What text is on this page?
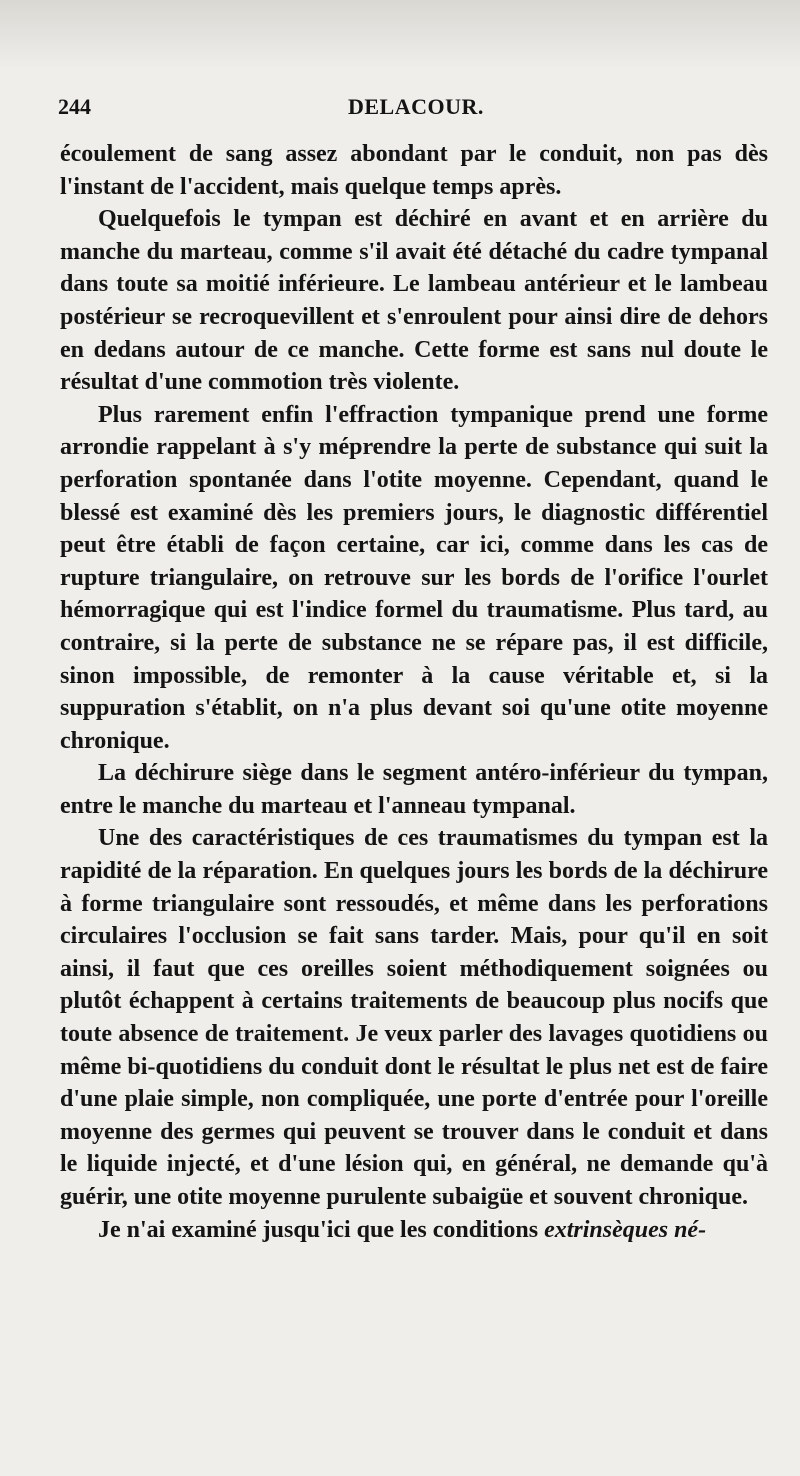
244	DELACOUR.

écoulement de sang assez abondant par le conduit, non pas dès l'instant de l'accident, mais quelque temps après.

Quelquefois le tympan est déchiré en avant et en arrière du manche du marteau, comme s'il avait été détaché du cadre tympanal dans toute sa moitié inférieure. Le lambeau antérieur et le lambeau postérieur se recroquevillent et s'enroulent pour ainsi dire de dehors en dedans autour de ce manche. Cette forme est sans nul doute le résultat d'une commotion très violente.

Plus rarement enfin l'effraction tympanique prend une forme arrondie rappelant à s'y méprendre la perte de substance qui suit la perforation spontanée dans l'otite moyenne. Cependant, quand le blessé est examiné dès les premiers jours, le diagnostic différentiel peut être établi de façon certaine, car ici, comme dans les cas de rupture triangulaire, on retrouve sur les bords de l'orifice l'ourlet hémorragique qui est l'indice formel du traumatisme. Plus tard, au contraire, si la perte de substance ne se répare pas, il est difficile, sinon impossible, de remonter à la cause véritable et, si la suppuration s'établit, on n'a plus devant soi qu'une otite moyenne chronique.

La déchirure siège dans le segment antéro-inférieur du tympan, entre le manche du marteau et l'anneau tympanal.

Une des caractéristiques de ces traumatismes du tympan est la rapidité de la réparation. En quelques jours les bords de la déchirure à forme triangulaire sont ressoudés, et même dans les perforations circulaires l'occlusion se fait sans tarder. Mais, pour qu'il en soit ainsi, il faut que ces oreilles soient méthodiquement soignées ou plutôt échappent à certains traitements de beaucoup plus nocifs que toute absence de traitement. Je veux parler des lavages quotidiens ou même bi-quotidiens du conduit dont le résultat le plus net est de faire d'une plaie simple, non compliquée, une porte d'entrée pour l'oreille moyenne des germes qui peuvent se trouver dans le conduit et dans le liquide injecté, et d'une lésion qui, en général, ne demande qu'à guérir, une otite moyenne purulente subaigüe et souvent chronique.

Je n'ai examiné jusqu'ici que les conditions extrinsèques né-
